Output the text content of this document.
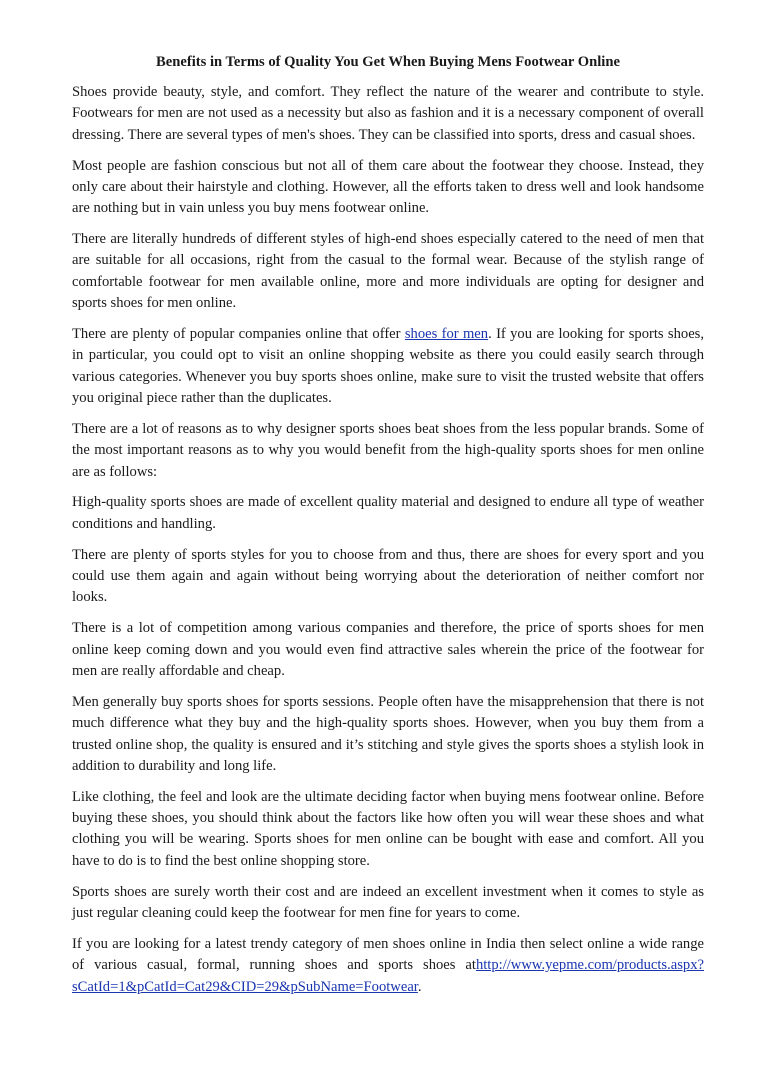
Benefits in Terms of Quality You Get When Buying Mens Footwear Online

Shoes provide beauty, style, and comfort. They reflect the nature of the wearer and contribute to style. Footwears for men are not used as a necessity but also as fashion and it is a necessary component of overall dressing. There are several types of men's shoes. They can be classified into sports, dress and casual shoes.

Most people are fashion conscious but not all of them care about the footwear they choose. Instead, they only care about their hairstyle and clothing. However, all the efforts taken to dress well and look handsome are nothing but in vain unless you buy mens footwear online.

There are literally hundreds of different styles of high-end shoes especially catered to the need of men that are suitable for all occasions, right from the casual to the formal wear. Because of the stylish range of comfortable footwear for men available online, more and more individuals are opting for designer and sports shoes for men online.

There are plenty of popular companies online that offer shoes for men. If you are looking for sports shoes, in particular, you could opt to visit an online shopping website as there you could easily search through various categories. Whenever you buy sports shoes online, make sure to visit the trusted website that offers you original piece rather than the duplicates.

There are a lot of reasons as to why designer sports shoes beat shoes from the less popular brands. Some of the most important reasons as to why you would benefit from the high-quality sports shoes for men online are as follows:

High-quality sports shoes are made of excellent quality material and designed to endure all type of weather conditions and handling.

There are plenty of sports styles for you to choose from and thus, there are shoes for every sport and you could use them again and again without being worrying about the deterioration of neither comfort nor looks.

There is a lot of competition among various companies and therefore, the price of sports shoes for men online keep coming down and you would even find attractive sales wherein the price of the footwear for men are really affordable and cheap.

Men generally buy sports shoes for sports sessions. People often have the misapprehension that there is not much difference what they buy and the high-quality sports shoes. However, when you buy them from a trusted online shop, the quality is ensured and it’s stitching and style gives the sports shoes a stylish look in addition to durability and long life.

Like clothing, the feel and look are the ultimate deciding factor when buying mens footwear online. Before buying these shoes, you should think about the factors like how often you will wear these shoes and what clothing you will be wearing. Sports shoes for men online can be bought with ease and comfort. All you have to do is to find the best online shopping store.

Sports shoes are surely worth their cost and are indeed an excellent investment when it comes to style as just regular cleaning could keep the footwear for men fine for years to come.

If you are looking for a latest trendy category of men shoes online in India then select online a wide range of various casual, formal, running shoes and sports shoes athttp://www.yepme.com/products.aspx?sCatId=1&pCatId=Cat29&CID=29&pSubName=Footwear.
